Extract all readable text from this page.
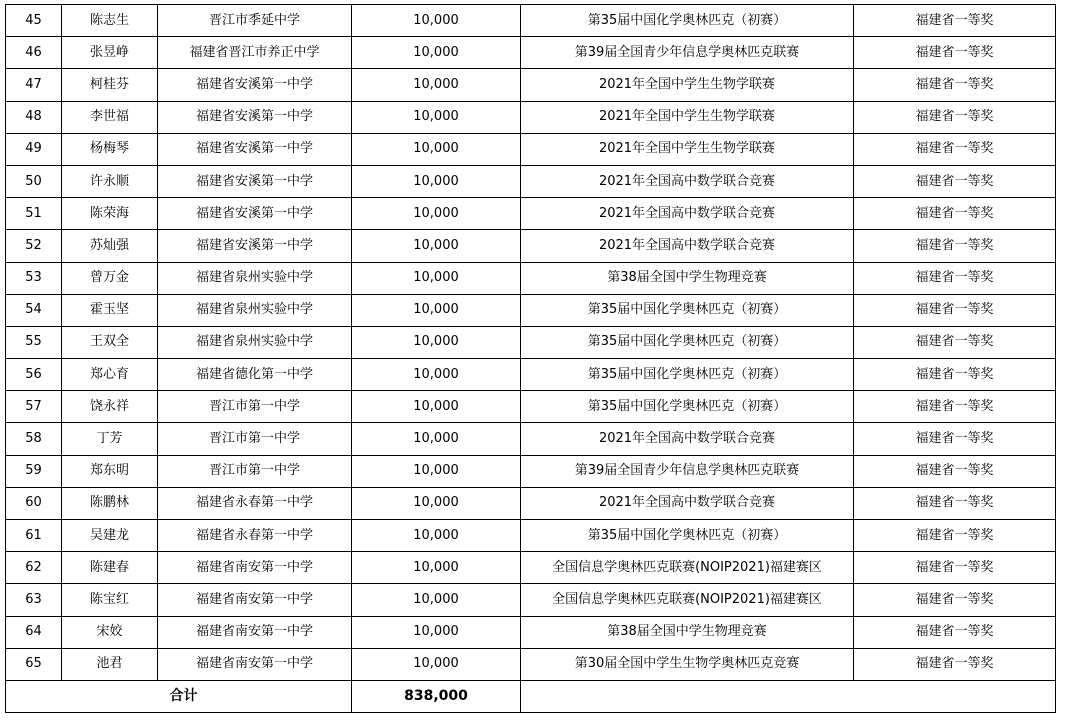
45	陈志生	晋江市季延中学	10,000	第35届中国化学奥林匹克（初赛）	福建省一等奖
46	张昱峥	福建省晋江市养正中学	10,000	第39届全国青少年信息学奥林匹克联赛	福建省一等奖
47	柯桂芬	福建省安溪第一中学	10,000	2021年全国中学生生物学联赛	福建省一等奖
48	李世福	福建省安溪第一中学	10,000	2021年全国中学生生物学联赛	福建省一等奖
49	杨梅琴	福建省安溪第一中学	10,000	2021年全国中学生生物学联赛	福建省一等奖
50	许永顺	福建省安溪第一中学	10,000	2021年全国高中数学联合竞赛	福建省一等奖
51	陈荣海	福建省安溪第一中学	10,000	2021年全国高中数学联合竞赛	福建省一等奖
52	苏灿强	福建省安溪第一中学	10,000	2021年全国高中数学联合竞赛	福建省一等奖
53	曾万金	福建省泉州实验中学	10,000	第38届全国中学生物理竞赛	福建省一等奖
54	霍玉坚	福建省泉州实验中学	10,000	第35届中国化学奥林匹克（初赛）	福建省一等奖
55	王双全	福建省泉州实验中学	10,000	第35届中国化学奥林匹克（初赛）	福建省一等奖
56	郑心育	福建省德化第一中学	10,000	第35届中国化学奥林匹克（初赛）	福建省一等奖
57	饶永祥	晋江市第一中学	10,000	第35届中国化学奥林匹克（初赛）	福建省一等奖
58	丁芳	晋江市第一中学	10,000	2021年全国高中数学联合竞赛	福建省一等奖
59	郑东明	晋江市第一中学	10,000	第39届全国青少年信息学奥林匹克联赛	福建省一等奖
60	陈鹏林	福建省永春第一中学	10,000	2021年全国高中数学联合竞赛	福建省一等奖
61	吴建龙	福建省永春第一中学	10,000	第35届中国化学奥林匹克（初赛）	福建省一等奖
62	陈建春	福建省南安第一中学	10,000	全国信息学奥林匹克联赛(NOIP2021)福建赛区	福建省一等奖
63	陈宝红	福建省南安第一中学	10,000	全国信息学奥林匹克联赛(NOIP2021)福建赛区	福建省一等奖
64	宋姣	福建省南安第一中学	10,000	第38届全国中学生物理竞赛	福建省一等奖
65	池君	福建省南安第一中学	10,000	第30届全国中学生生物学奥林匹克竞赛	福建省一等奖
合计			838,000		
